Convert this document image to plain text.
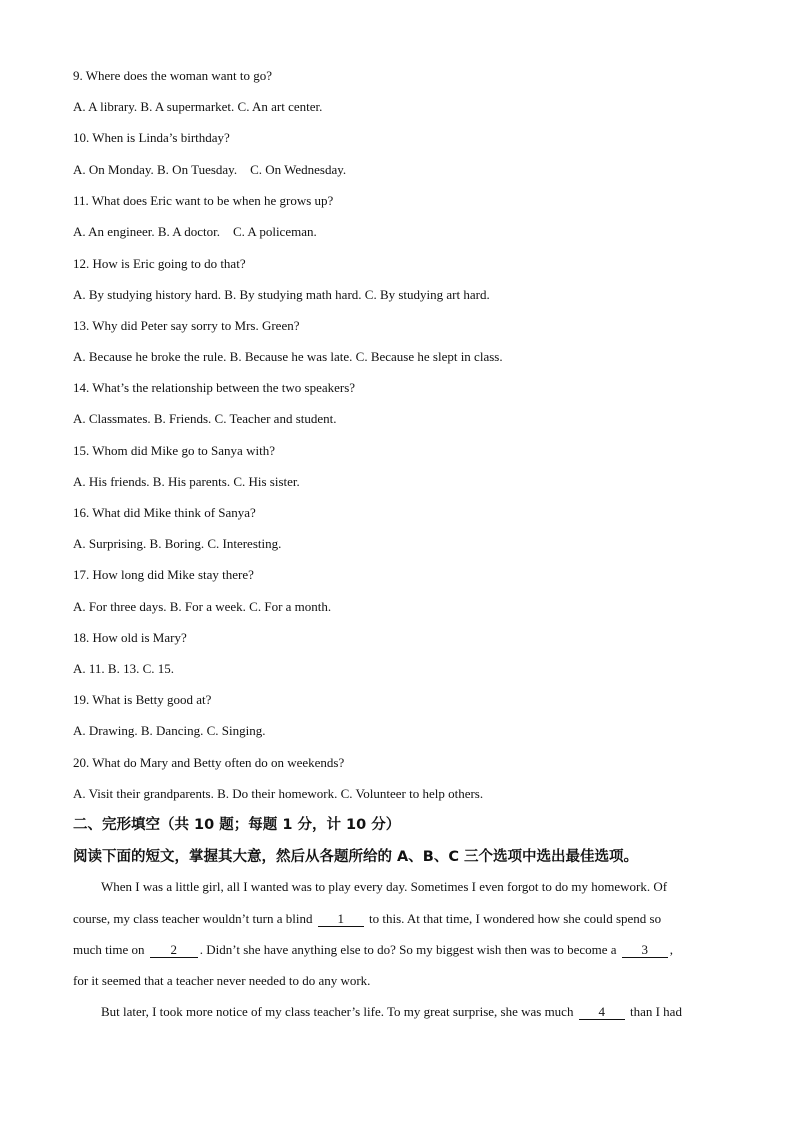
9. Where does the woman want to go?
A. A library. B. A supermarket. C. An art center.
10. When is Linda’s birthday?
A. On Monday. B. On Tuesday.    C. On Wednesday.
11. What does Eric want to be when he grows up?
A. An engineer. B. A doctor.    C. A policeman.
12. How is Eric going to do that?
A. By studying history hard. B. By studying math hard. C. By studying art hard.
13. Why did Peter say sorry to Mrs. Green?
A. Because he broke the rule. B. Because he was late. C. Because he slept in class.
14. What’s the relationship between the two speakers?
A. Classmates. B. Friends. C. Teacher and student.
15. Whom did Mike go to Sanya with?
A. His friends. B. His parents. C. His sister.
16. What did Mike think of Sanya?
A. Surprising. B. Boring. C. Interesting.
17. How long did Mike stay there?
A. For three days. B. For a week. C. For a month.
18. How old is Mary?
A. 11. B. 13. C. 15.
19. What is Betty good at?
A. Drawing. B. Dancing. C. Singing.
20. What do Mary and Betty often do on weekends?
A. Visit their grandparents. B. Do their homework. C. Volunteer to help others.
二、完形填空（共 10 题；每题 1 分，计 10 分）
阅读下面的短文，掌握其大意，然后从各题所给的 A、B、C 三个选项中选出最佳选项。
When I was a little girl, all I wanted was to play every day. Sometimes I even forgot to do my homework. Of
course, my class teacher wouldn’t turn a blind 1 to this. At that time, I wondered how she could spend so
much time on 2 . Didn’t she have anything else to do? So my biggest wish then was to become a 3 ,
for it seemed that a teacher never needed to do any work.
But later, I took more notice of my class teacher’s life. To my great surprise, she was much 4 than I had
